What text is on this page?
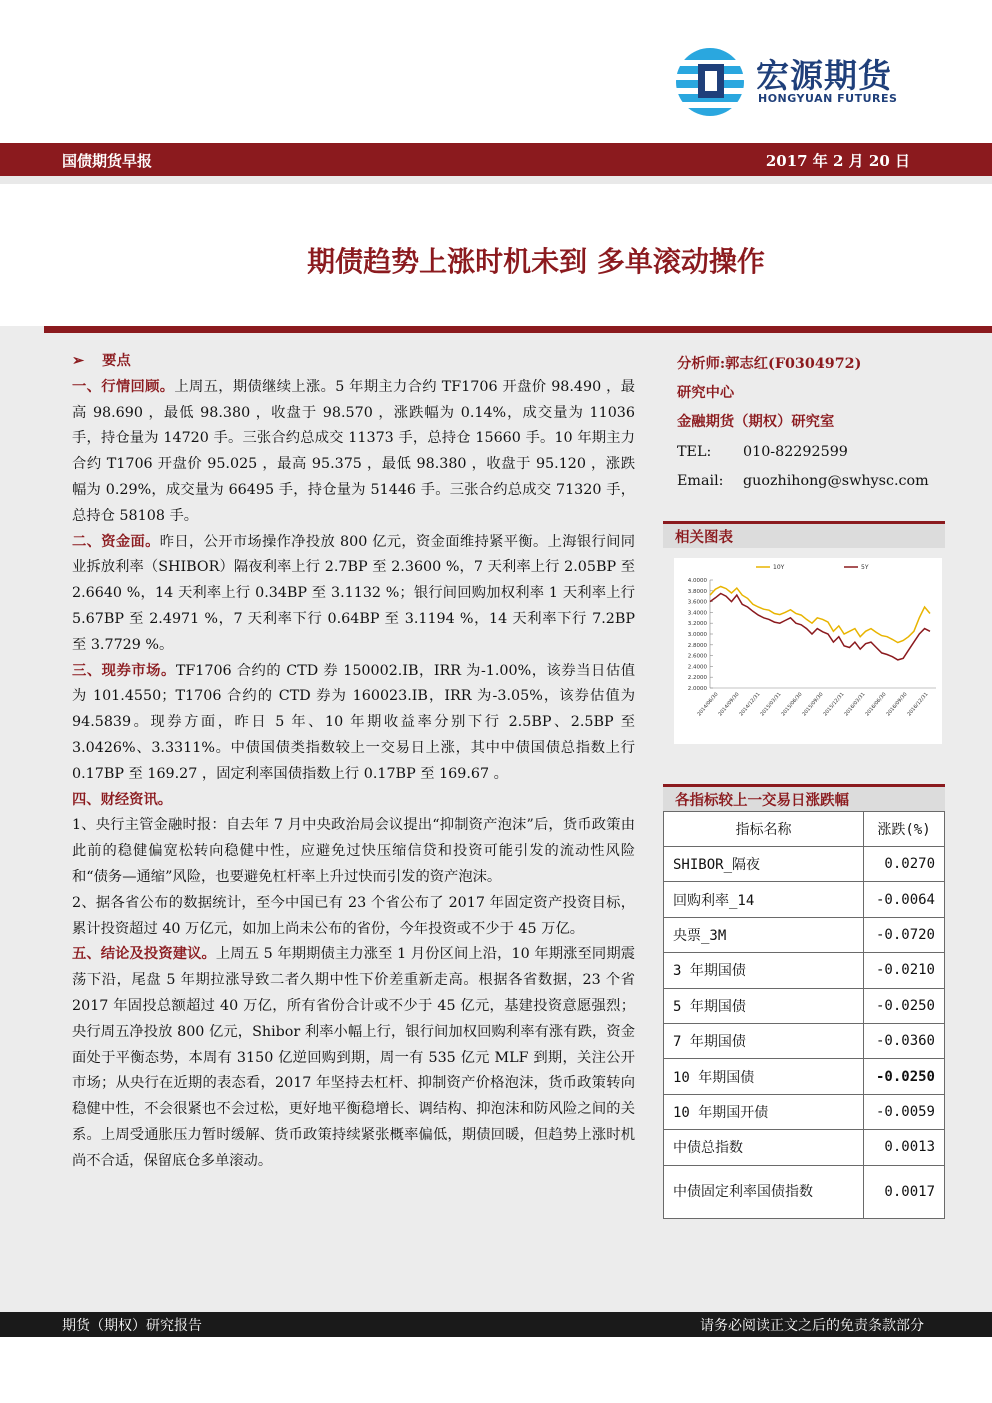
宏源期货
HONGYUAN FUTURES
国债期货早报	2017 年 2 月 20 日
期债趋势上涨时机未到 多单滚动操作

➢ 要点

一、行情回顾。上周五，期债继续上涨。5 年期主力合约 TF1706 开盘价 98.490 ，最高 98.690 ，最低 98.380 ，收盘于 98.570 ，涨跌幅为 0.14%，成交量为 11036 手，持仓量为 14720 手。三张合约总成交 11373 手，总持仓 15660 手。10 年期主力合约 T1706 开盘价 95.025 ，最高 95.375 ，最低 98.380 ，收盘于 95.120 ，涨跌幅为 0.29%，成交量为 66495 手，持仓量为 51446 手。三张合约总成交 71320 手，总持仓 58108 手。

二、资金面。昨日，公开市场操作净投放 800 亿元，资金面维持紧平衡。上海银行间同业拆放利率（SHIBOR）隔夜利率上行 2.7BP 至 2.3600 %，7 天利率上行 2.05BP 至 2.6640 %，14 天利率上行 0.34BP 至 3.1132 %；银行间回购加权利率 1 天利率上行 5.67BP 至 2.4971 %，7 天利率下行 0.64BP 至 3.1194 %，14 天利率下行 7.2BP 至 3.7729 %。

三、现券市场。TF1706 合约的 CTD 券 150002.IB，IRR 为-1.00%，该券当日估值为 101.4550；T1706 合约的 CTD 券为 160023.IB，IRR 为-3.05%，该券估值为 94.5839。现券方面，昨日 5 年、10 年期收益率分别下行 2.5BP、2.5BP 至 3.0426%、3.3311%。中债国债类指数较上一交易日上涨，其中中债国债总指数上行 0.17BP 至 169.27 ，固定利率国债指数上行 0.17BP 至 169.67 。

四、财经资讯。

1、央行主管金融时报：自去年 7 月中央政治局会议提出“抑制资产泡沫”后，货币政策由此前的稳健偏宽松转向稳健中性，应避免过快压缩信贷和投资可能引发的流动性风险和“债务—通缩”风险，也要避免杠杆率上升过快而引发的资产泡沫。

2、据各省公布的数据统计，至今中国已有 23 个省公布了 2017 年固定资产投资目标，累计投资超过 40 万亿元，如加上尚未公布的省份，今年投资或不少于 45 万亿。

五、结论及投资建议。上周五 5 年期期债主力涨至 1 月份区间上沿，10 年期涨至同期震荡下沿，尾盘 5 年期拉涨导致二者久期中性下价差重新走高。根据各省数据，23 个省 2017 年固投总额超过 40 万亿，所有省份合计或不少于 45 亿元，基建投资意愿强烈；央行周五净投放 800 亿元，Shibor 利率小幅上行，银行间加权回购利率有涨有跌，资金面处于平衡态势，本周有 3150 亿逆回购到期，周一有 535 亿元 MLF 到期，关注公开市场；从央行在近期的表态看，2017 年坚持去杠杆、抑制资产价格泡沫，货币政策转向稳健中性，不会很紧也不会过松，更好地平衡稳增长、调结构、抑泡沫和防风险之间的关系。上周受通胀压力暂时缓解、货币政策持续紧张概率偏低，期债回暖，但趋势上涨时机尚不合适，保留底仓多单滚动。

分析师:郭志红(F0304972)
研究中心
金融期货（期权）研究室
TEL: 010-82292599
Email: guozhihong@swhysc.com
相关图表
4.0000
3.8000
3.6000
3.4000
3.2000
3.0000
2.8000
2.6000
2.4000
2.2000
2.0000
2014/06/30
2014/09/30
2014/12/31
2015/03/31
2015/06/30
2015/09/30
2015/12/31
2016/03/31
2016/06/30
2016/09/30
2016/12/31
10Y	5Y
各指标较上一交易日涨跌幅
指标名称	涨跌(%)
SHIBOR_隔夜	0.0270
回购利率_14	-0.0064
央票_3M	-0.0720
3 年期国债	-0.0210
5 年期国债	-0.0250
7 年期国债	-0.0360
10 年期国债	-0.0250
10 年期国开债	-0.0059
中债总指数	0.0013
中债固定利率国债指数	0.0017
期货（期权）研究报告	请务必阅读正文之后的免责条款部分
